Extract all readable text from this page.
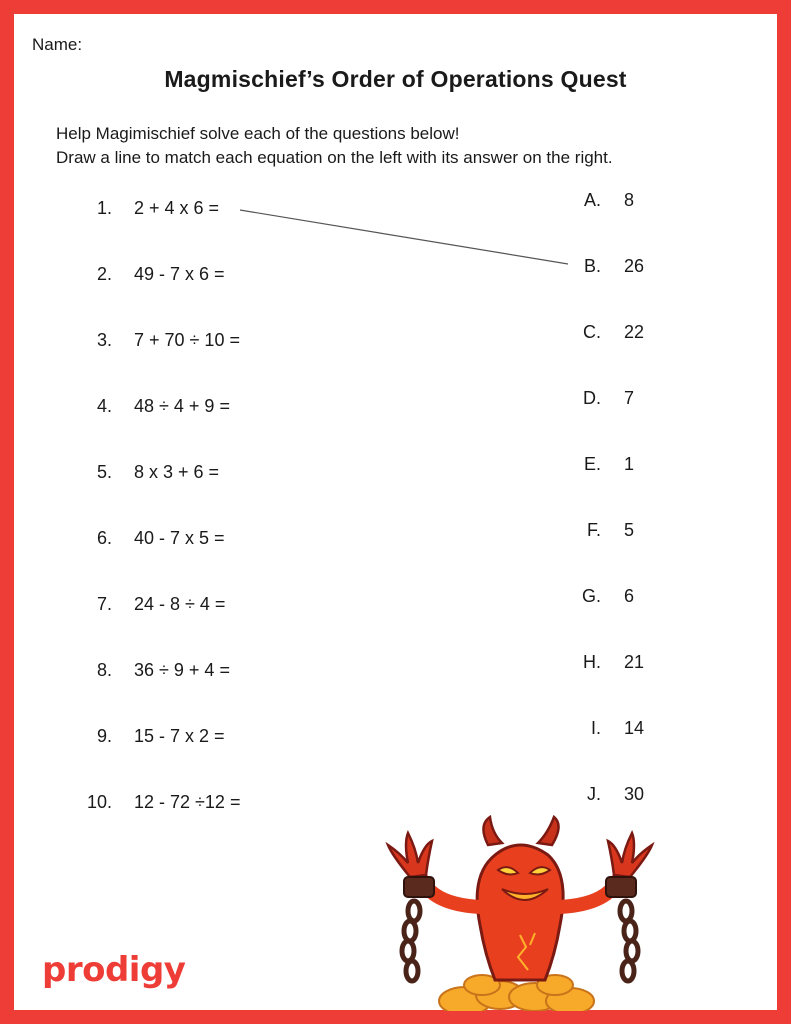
Name:
Magmischief’s Order of Operations Quest
Help Magimischief solve each of the questions below!
Draw a line to match each equation on the left with its answer on the right.
1. 2 + 4 x 6 =
2. 49 - 7 x 6 =
3. 7 + 70 ÷ 10 =
4. 48 ÷ 4 + 9 =
5. 8 x 3 + 6 =
6. 40 - 7 x 5 =
7. 24 - 8 ÷ 4 =
8. 36 ÷ 9 + 4 =
9. 15 - 7 x 2 =
10. 12 - 72 ÷12 =
A. 8
B. 26
C. 22
D. 7
E. 1
F. 5
G. 6
H. 21
I. 14
J. 30
prodigy
